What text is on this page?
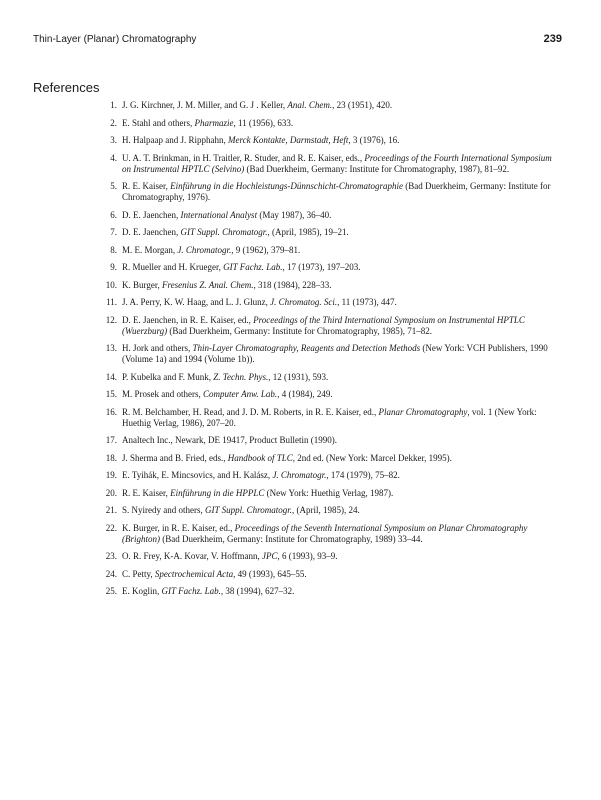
Thin-Layer (Planar) Chromatography	239
References
1. J. G. Kirchner, J. M. Miller, and G. J . Keller, Anal. Chem., 23 (1951), 420.
2. E. Stahl and others, Pharmazie, 11 (1956), 633.
3. H. Halpaap and J. Ripphahn, Merck Kontakte, Darmstadt, Heft, 3 (1976), 16.
4. U. A. T. Brinkman, in H. Traitler, R. Studer, and R. E. Kaiser, eds., Proceedings of the Fourth International Symposium on Instrumental HPTLC (Selvino) (Bad Duerkheim, Germany: Institute for Chromatography, 1987), 81–92.
5. R. E. Kaiser, Einführung in die Hochleistungs-Dünnschicht-Chromatographie (Bad Duerkheim, Germany: Institute for Chromatography, 1976).
6. D. E. Jaenchen, International Analyst (May 1987), 36–40.
7. D. E. Jaenchen, GIT Suppl. Chromatogr., (April, 1985), 19–21.
8. M. E. Morgan, J. Chromatogr., 9 (1962), 379–81.
9. R. Mueller and H. Krueger, GIT Fachz. Lab., 17 (1973), 197–203.
10. K. Burger, Fresenius Z. Anal. Chem., 318 (1984), 228–33.
11. J. A. Perry, K. W. Haag, and L. J. Glunz, J. Chromatog. Sci., 11 (1973), 447.
12. D. E. Jaenchen, in R. E. Kaiser, ed., Proceedings of the Third International Symposium on Instrumental HPTLC (Wuerzburg) (Bad Duerkheim, Germany: Institute for Chromatography, 1985), 71–82.
13. H. Jork and others, Thin-Layer Chromatography, Reagents and Detection Methods (New York: VCH Publishers, 1990 (Volume 1a) and 1994 (Volume 1b)).
14. P. Kubelka and F. Munk, Z. Techn. Phys., 12 (1931), 593.
15. M. Prosek and others, Computer Anw. Lab., 4 (1984), 249.
16. R. M. Belchamber, H. Read, and J. D. M. Roberts, in R. E. Kaiser, ed., Planar Chromatography, vol. 1 (New York: Huethig Verlag, 1986), 207–20.
17. Analtech Inc., Newark, DE 19417, Product Bulletin (1990).
18. J. Sherma and B. Fried, eds., Handbook of TLC, 2nd ed. (New York: Marcel Dekker, 1995).
19. E. Tyihák, E. Mincsovics, and H. Kalász, J. Chromatogr., 174 (1979), 75–82.
20. R. E. Kaiser, Einführung in die HPPLC (New York: Huethig Verlag, 1987).
21. S. Nyiredy and others, GIT Suppl. Chromatogr., (April, 1985), 24.
22. K. Burger, in R. E. Kaiser, ed., Proceedings of the Seventh International Symposium on Planar Chromatography (Brighton) (Bad Duerkheim, Germany: Institute for Chromatography, 1989) 33–44.
23. O. R. Frey, K-A. Kovar, V. Hoffmann, JPC, 6 (1993), 93–9.
24. C. Petty, Spectrochemical Acta, 49 (1993), 645–55.
25. E. Koglin, GIT Fachz. Lab., 38 (1994), 627–32.
